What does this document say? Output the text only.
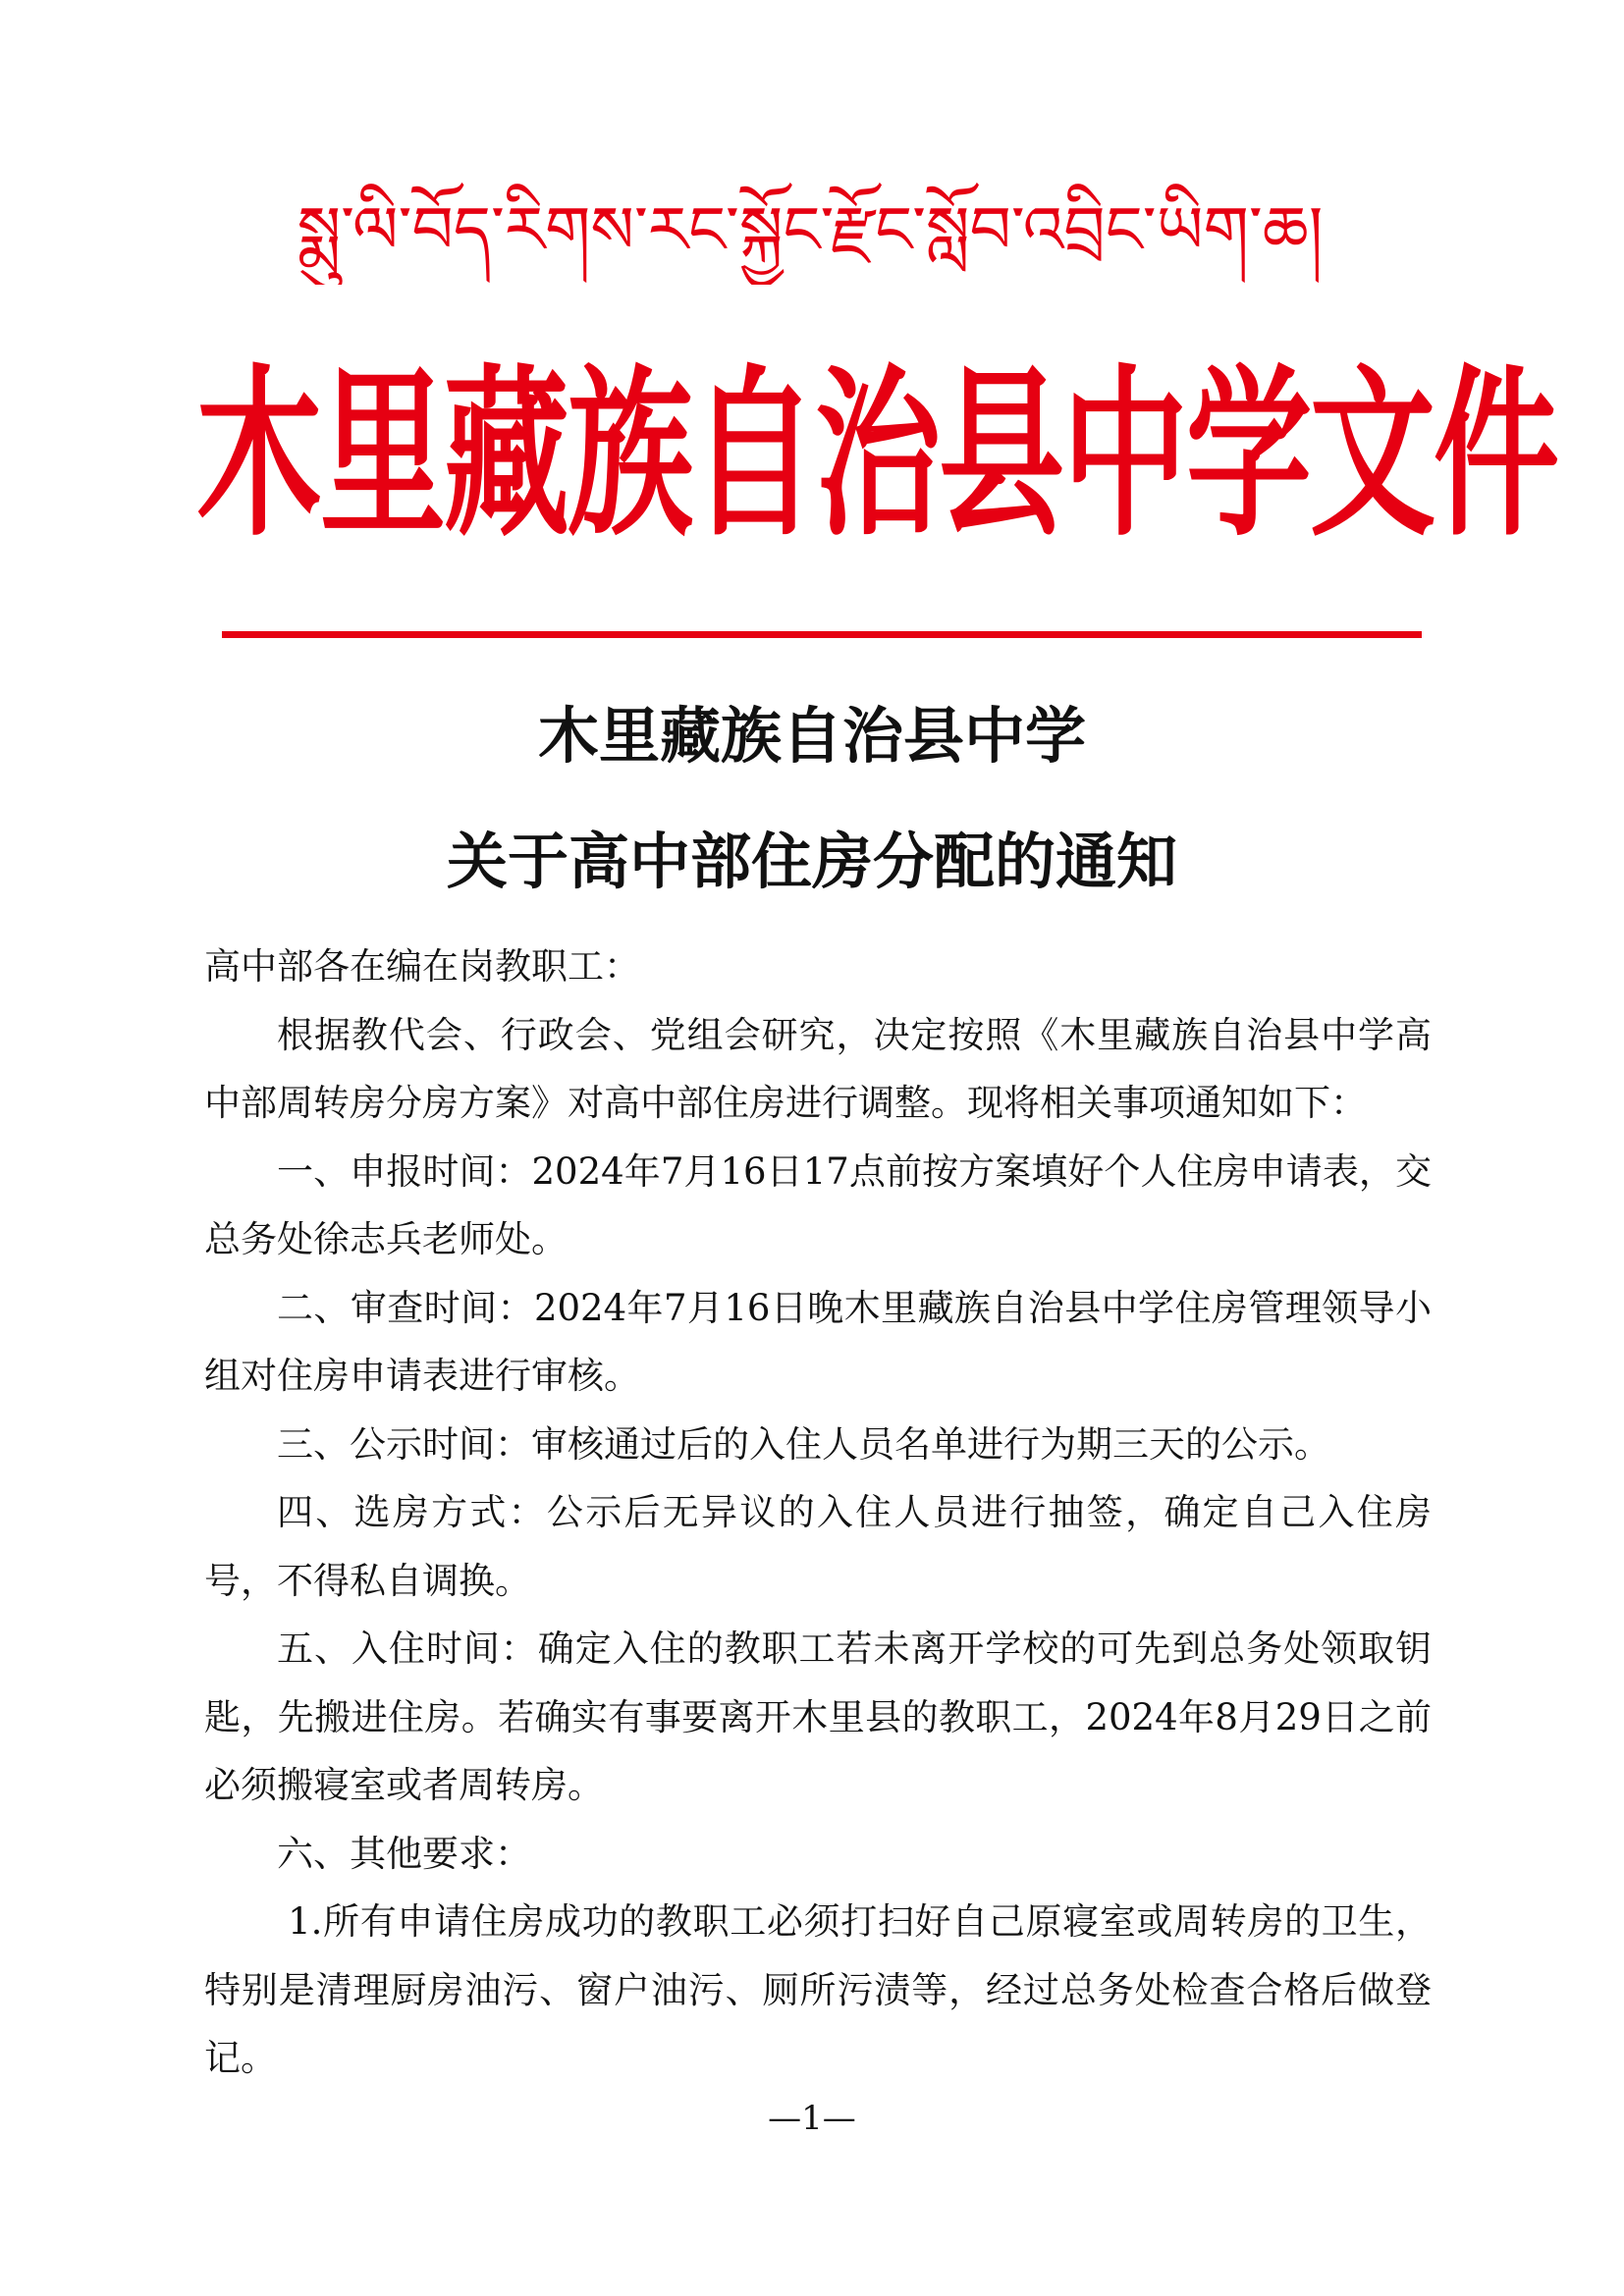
སྨུ་ལི་བོད་རིགས་རང་སྐྱོང་རྫོང་སློབ་འབྲིང་ཡིག་ཆ།
木里藏族自治县中学文件
木里藏族自治县中学
关于高中部住房分配的通知

高中部各在编在岗教职工：

根据教代会、行政会、党组会研究，决定按照《木里藏族自治县中学高中部周转房分房方案》对高中部住房进行调整。现将相关事项通知如下：

一、申报时间：2024年7月16日17点前按方案填好个人住房申请表，交总务处徐志兵老师处。

二、审查时间：2024年7月16日晚木里藏族自治县中学住房管理领导小组对住房申请表进行审核。

三、公示时间：审核通过后的入住人员名单进行为期三天的公示。

四、选房方式：公示后无异议的入住人员进行抽签，确定自己入住房号，不得私自调换。

五、入住时间：确定入住的教职工若未离开学校的可先到总务处领取钥匙，先搬进住房。若确实有事要离开木里县的教职工，2024年8月29日之前必须搬寝室或者周转房。

六、其他要求：

1.所有申请住房成功的教职工必须打扫好自己原寝室或周转房的卫生，特别是清理厨房油污、窗户油污、厕所污渍等，经过总务处检查合格后做登记。

—1—
